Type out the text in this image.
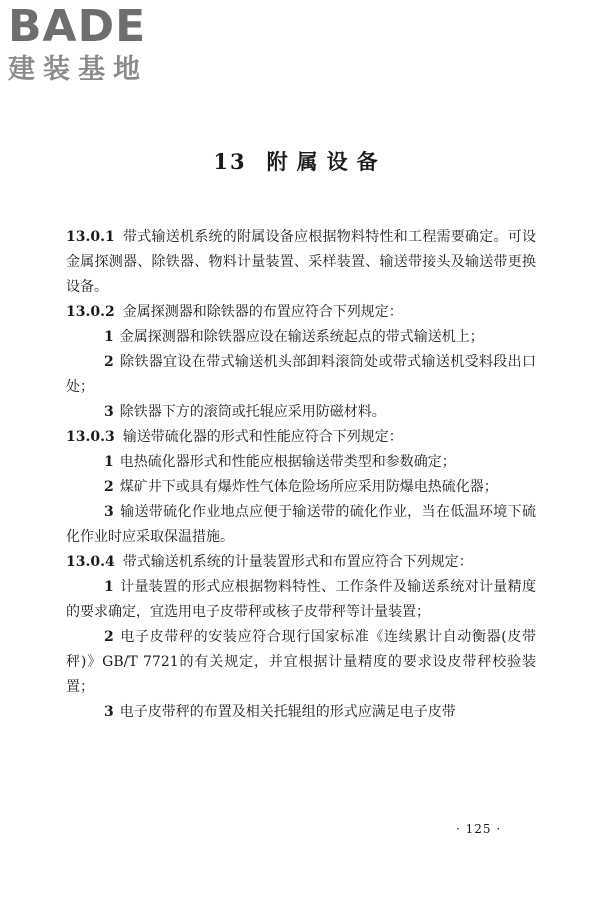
BADE
建装基地
13 附属设备

13.0.1 带式输送机系统的附属设备应根据物料特性和工程需要确定。可设金属探测器、除铁器、物料计量装置、采样装置、输送带接头及输送带更换设备。

13.0.2 金属探测器和除铁器的布置应符合下列规定：

1 金属探测器和除铁器应设在输送系统起点的带式输送机上；

2 除铁器宜设在带式输送机头部卸料滚筒处或带式输送机受料段出口处；

3 除铁器下方的滚筒或托辊应采用防磁材料。

13.0.3 输送带硫化器的形式和性能应符合下列规定：

1 电热硫化器形式和性能应根据输送带类型和参数确定；

2 煤矿井下或具有爆炸性气体危险场所应采用防爆电热硫化器；

3 输送带硫化作业地点应便于输送带的硫化作业，当在低温环境下硫化作业时应采取保温措施。

13.0.4 带式输送机系统的计量装置形式和布置应符合下列规定：

1 计量装置的形式应根据物料特性、工作条件及输送系统对计量精度的要求确定，宜选用电子皮带秤或核子皮带秤等计量装置；

2 电子皮带秤的安装应符合现行国家标准《连续累计自动衡器(皮带秤)》GB/T 7721的有关规定，并宜根据计量精度的要求设皮带秤校验装置；

3 电子皮带秤的布置及相关托辊组的形式应满足电子皮带

· 125 ·
